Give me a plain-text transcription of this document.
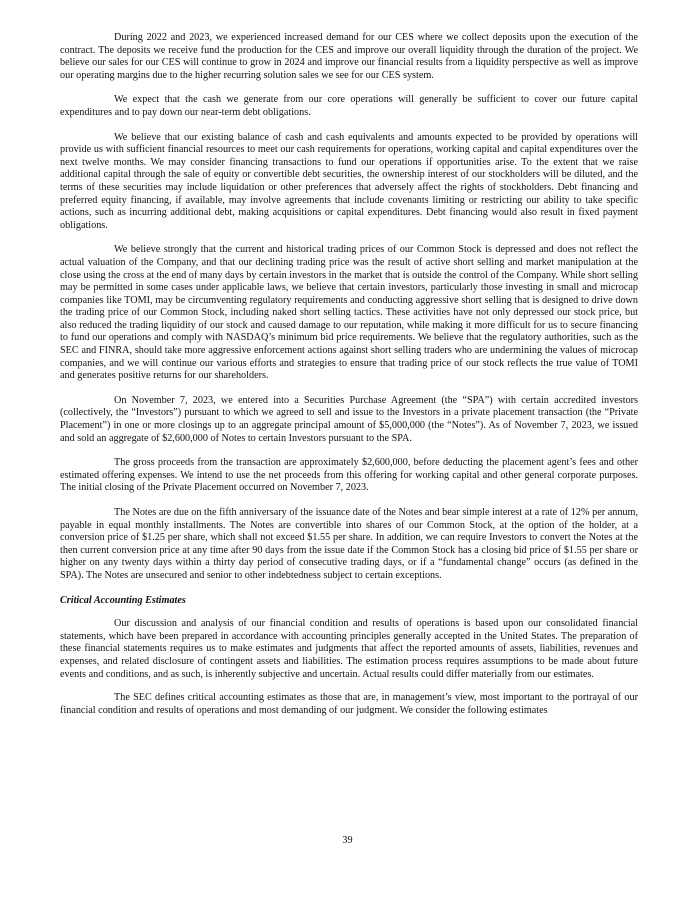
During 2022 and 2023, we experienced increased demand for our CES where we collect deposits upon the execution of the contract. The deposits we receive fund the production for the CES and improve our overall liquidity through the duration of the project. We believe our sales for our CES will continue to grow in 2024 and improve our financial results from a liquidity perspective as well as improve our operating margins due to the higher recurring solution sales we see for our CES system.

We expect that the cash we generate from our core operations will generally be sufficient to cover our future capital expenditures and to pay down our near-term debt obligations.

We believe that our existing balance of cash and cash equivalents and amounts expected to be provided by operations will provide us with sufficient financial resources to meet our cash requirements for operations, working capital and capital expenditures over the next twelve months. We may consider financing transactions to fund our operations if opportunities arise. To the extent that we raise additional capital through the sale of equity or convertible debt securities, the ownership interest of our stockholders will be diluted, and the terms of these securities may include liquidation or other preferences that adversely affect the rights of stockholders. Debt financing and preferred equity financing, if available, may involve agreements that include covenants limiting or restricting our ability to take specific actions, such as incurring additional debt, making acquisitions or capital expenditures. Debt financing would also result in fixed payment obligations.

We believe strongly that the current and historical trading prices of our Common Stock is depressed and does not reflect the actual valuation of the Company, and that our declining trading price was the result of active short selling and market manipulation at the close using the cross at the end of many days by certain investors in the market that is outside the control of the Company. While short selling may be permitted in some cases under applicable laws, we believe that certain investors, particularly those investing in small and microcap companies like TOMI, may be circumventing regulatory requirements and conducting aggressive short selling that is designed to drive down the trading price of our Common Stock, including naked short selling tactics. These activities have not only depressed our stock price, but also reduced the trading liquidity of our stock and caused damage to our reputation, while making it more difficult for us to secure financing to fund our operations and comply with NASDAQ’s minimum bid price requirements. We believe that the regulatory authorities, such as the SEC and FINRA, should take more aggressive enforcement actions against short selling traders who are undermining the values of microcap companies, and we will continue our various efforts and strategies to ensure that trading price of our stock reflects the true value of TOMI and generates positive returns for our shareholders.

On November 7, 2023, we entered into a Securities Purchase Agreement (the “SPA”) with certain accredited investors (collectively, the “Investors”) pursuant to which we agreed to sell and issue to the Investors in a private placement transaction (the “Private Placement”) in one or more closings up to an aggregate principal amount of $5,000,000 (the “Notes”). As of November 7, 2023, we issued and sold an aggregate of $2,600,000 of Notes to certain Investors pursuant to the SPA.

The gross proceeds from the transaction are approximately $2,600,000, before deducting the placement agent’s fees and other estimated offering expenses. We intend to use the net proceeds from this offering for working capital and other general corporate purposes. The initial closing of the Private Placement occurred on November 7, 2023.

The Notes are due on the fifth anniversary of the issuance date of the Notes and bear simple interest at a rate of 12% per annum, payable in equal monthly installments. The Notes are convertible into shares of our Common Stock, at the option of the holder, at a conversion price of $1.25 per share, which shall not exceed $1.55 per share. In addition, we can require Investors to convert the Notes at the then current conversion price at any time after 90 days from the issue date if the Common Stock has a closing bid price of $1.55 per share or higher on any twenty days within a thirty day period of consecutive trading days, or if a “fundamental change” occurs (as defined in the SPA). The Notes are unsecured and senior to other indebtedness subject to certain exceptions.

Critical Accounting Estimates

Our discussion and analysis of our financial condition and results of operations is based upon our consolidated financial statements, which have been prepared in accordance with accounting principles generally accepted in the United States. The preparation of these financial statements requires us to make estimates and judgments that affect the reported amounts of assets, liabilities, revenues and expenses, and related disclosure of contingent assets and liabilities. The estimation process requires assumptions to be made about future events and conditions, and as such, is inherently subjective and uncertain. Actual results could differ materially from our estimates.

The SEC defines critical accounting estimates as those that are, in management’s view, most important to the portrayal of our financial condition and results of operations and most demanding of our judgment. We consider the following estimates

39
